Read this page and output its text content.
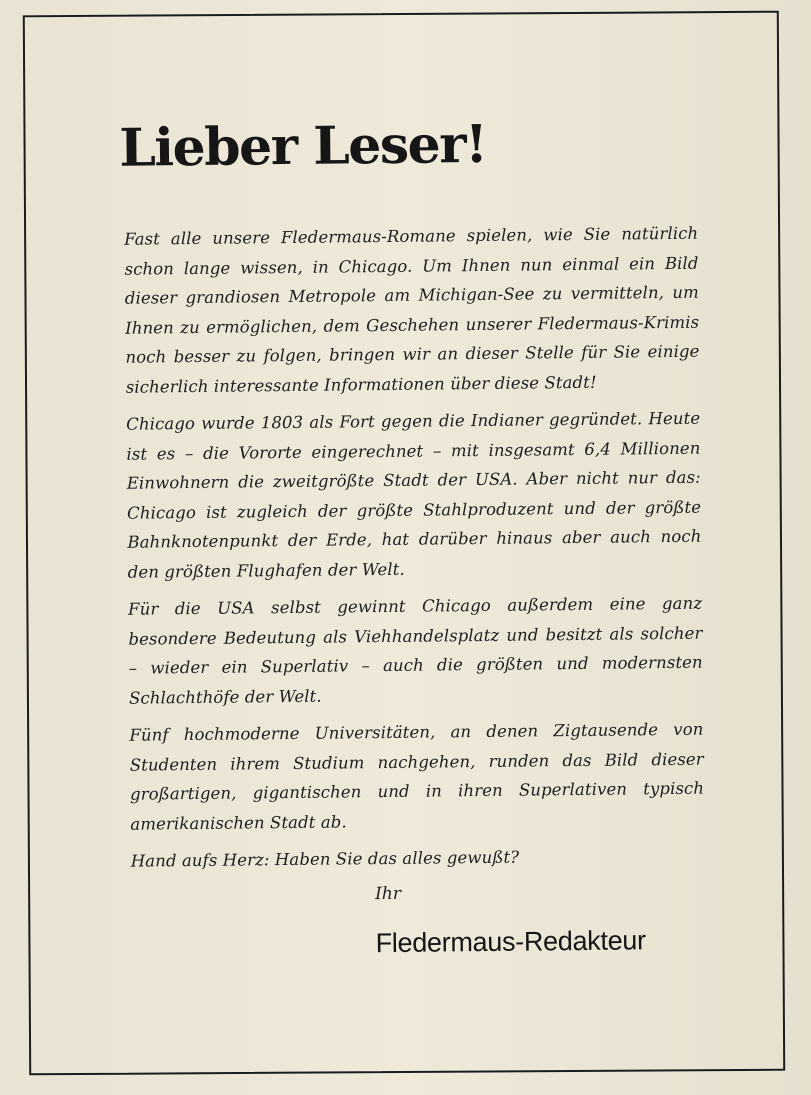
Lieber Leser!

Fast alle unsere Fledermaus-Romane spielen, wie Sie natürlich schon lange wissen, in Chicago. Um Ihnen nun einmal ein Bild dieser grandiosen Metropole am Michigan-See zu vermitteln, um Ihnen zu ermöglichen, dem Geschehen unserer Fledermaus-Krimis noch besser zu folgen, bringen wir an dieser Stelle für Sie einige sicherlich interessante Informationen über diese Stadt!

Chicago wurde 1803 als Fort gegen die Indianer gegründet. Heute ist es – die Vororte eingerechnet – mit insgesamt 6,4 Millionen Einwohnern die zweitgrößte Stadt der USA. Aber nicht nur das: Chicago ist zugleich der größte Stahlproduzent und der größte Bahnknotenpunkt der Erde, hat darüber hinaus aber auch noch den größten Flughafen der Welt.

Für die USA selbst gewinnt Chicago außerdem eine ganz besondere Bedeutung als Viehhandelsplatz und besitzt als solcher – wieder ein Superlativ – auch die größten und modernsten Schlachthöfe der Welt.

Fünf hochmoderne Universitäten, an denen Zigtausende von Studenten ihrem Studium nachgehen, runden das Bild dieser großartigen, gigantischen und in ihren Superlativen typisch amerikanischen Stadt ab.

Hand aufs Herz: Haben Sie das alles gewußt?

Ihr
Fledermaus-Redakteur
